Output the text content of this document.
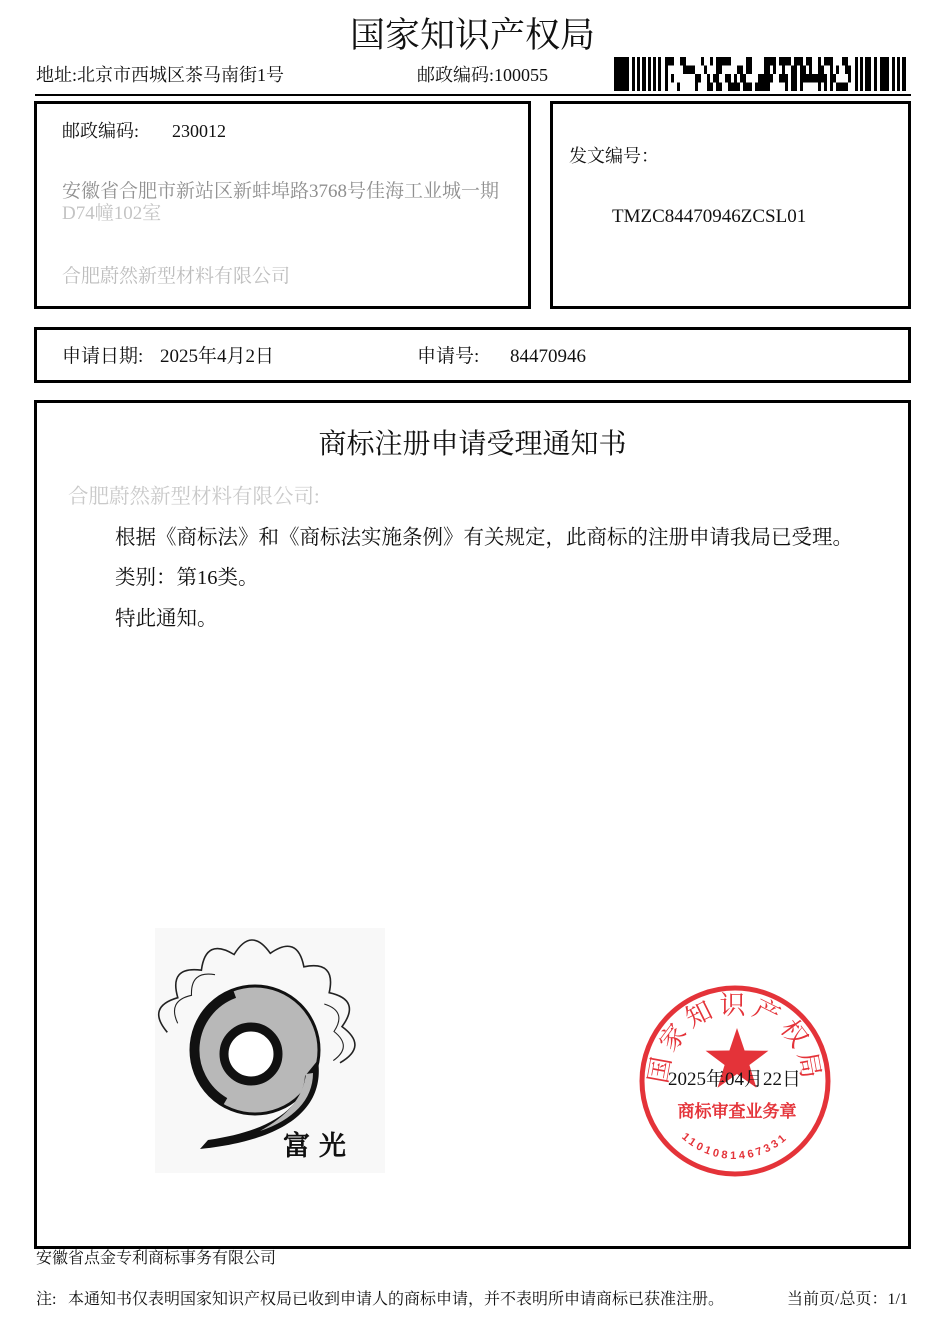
国家知识产权局
地址:北京市西城区茶马南街1号	邮政编码:100055
邮政编码: 230012
安徽省合肥市新站区新蚌埠路3768号佳海工业城一期
D74幢102室
合肥蔚然新型材料有限公司
发文编号：
TMZC84470946ZCSL01
申请日期: 2025年4月2日	申请号: 84470946
商标注册申请受理通知书
合肥蔚然新型材料有限公司:
根据《商标法》和《商标法实施条例》有关规定，此商标的注册申请我局已受理。
类别：第16类。
特此通知。
富光
国家知识产权局
商标审查业务章
1101081467331
2025年04月22日
安徽省点金专利商标事务有限公司
注: 本通知书仅表明国家知识产权局已收到申请人的商标申请，并不表明所申请商标已获准注册。	当前页/总页：1/1
